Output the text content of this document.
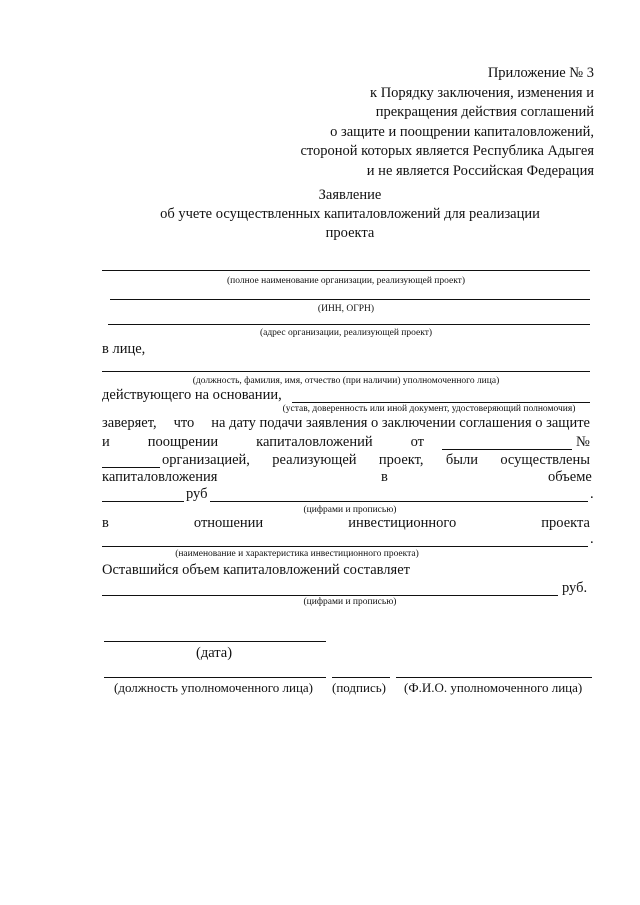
Приложение № 3
к Порядку заключения, изменения и
прекращения действия соглашений
о защите и поощрении капиталовложений,
стороной которых является Республика Адыгея
и не является Российская Федерация
Заявление
об учете осуществленных капиталовложений для реализации
проекта
(полное наименование организации, реализующей проект)
(ИНН, ОГРН)
(адрес организации, реализующей проект)
в лице,
(должность, фамилия, имя, отчество (при наличии) уполномоченного лица)
действующего на основании,
(устав, доверенность или иной документ, удостоверяющий полномочия)
заверяет, что на дату подачи заявления о заключении соглашения о защите
и	поощрении	капиталовложений	от	№
организацией, реализующей проект, были осуществлены
капиталовложения	в	объеме
руб	.
(цифрами и прописью)
в	отношении	инвестиционного	проекта
.
(наименование и характеристика инвестиционного проекта)
Оставшийся объем капиталовложений составляет
руб.
(цифрами и прописью)
(дата)
(должность уполномоченного лица) (подпись) (Ф.И.О. уполномоченного лица)
